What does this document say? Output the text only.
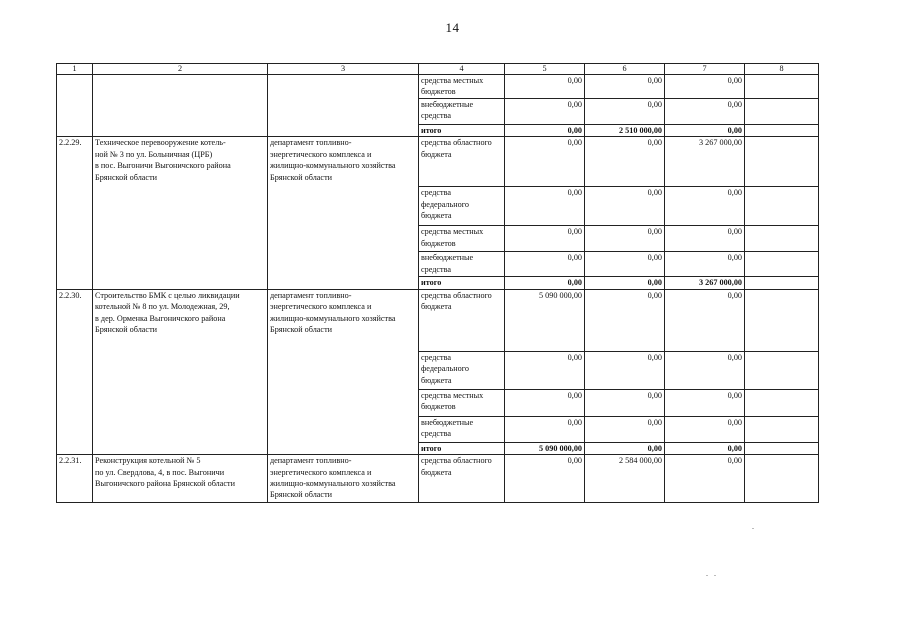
14
1	2	3	4	5	6	7	8

			средства местных
бюджетов	0,00	0,00	0,00	

			внебюджетные
средства	0,00	0,00	0,00	

			итого	0,00	2 510 000,00	0,00	

2.2.29.	Техническое перевооружение котель-
ной № 3 по ул. Больничная (ЦРБ)
в пос. Выгоничи Выгоничского района
Брянской области	департамент топливно-
энергетического комплекса и
жилищно-коммунального хозяйства
Брянской области	средства областного
бюджета	0,00	0,00	3 267 000,00	

			средства
федерального
бюджета	0,00	0,00	0,00	

			средства местных
бюджетов	0,00	0,00	0,00	

			внебюджетные
средства	0,00	0,00	0,00	

			итого	0,00	0,00	3 267 000,00	

2.2.30.	Строительство БМК с целью ликвидации
котельной № 8 по ул. Молодежная, 29,
в дер. Орменка Выгоничского района
Брянской области	департамент топливно-
энергетического комплекса и
жилищно-коммунального хозяйства
Брянской области	средства областного
бюджета	5 090 000,00	0,00	0,00	

			средства
федерального
бюджета	0,00	0,00	0,00	

			средства местных
бюджетов	0,00	0,00	0,00	

			внебюджетные
средства	0,00	0,00	0,00	

			итого	5 090 000,00	0,00	0,00	

2.2.31.	Реконструкция котельной № 5
по ул. Свердлова, 4, в пос. Выгоничи
Выгоничского района Брянской области	департамент топливно-
энергетического комплекса и
жилищно-коммунального хозяйства
Брянской области	средства областного
бюджета	0,00	2 584 000,00	0,00	
